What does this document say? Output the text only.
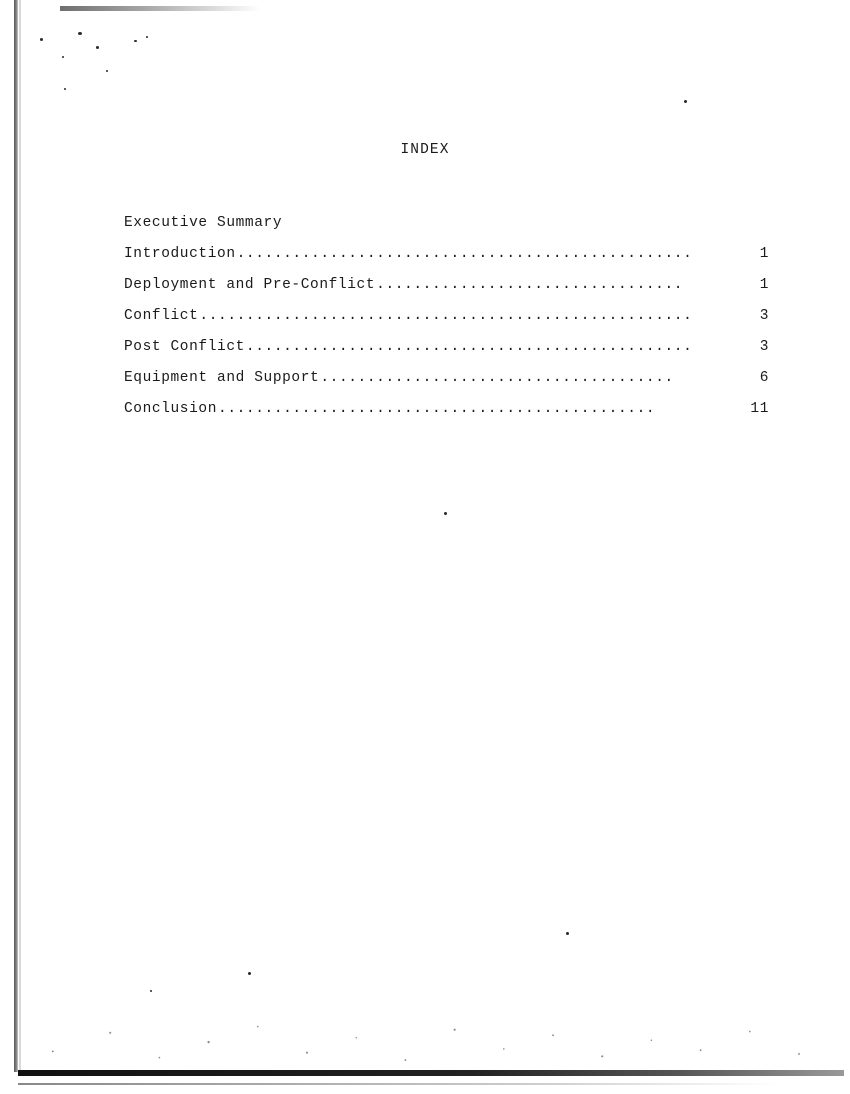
INDEX
Executive Summary
Introduction .................................................	1
Deployment and Pre-Conflict .................................	1
Conflict .....................................................	3
Post Conflict ................................................	3
Equipment and Support ......................................	6
Conclusion ...............................................	11
